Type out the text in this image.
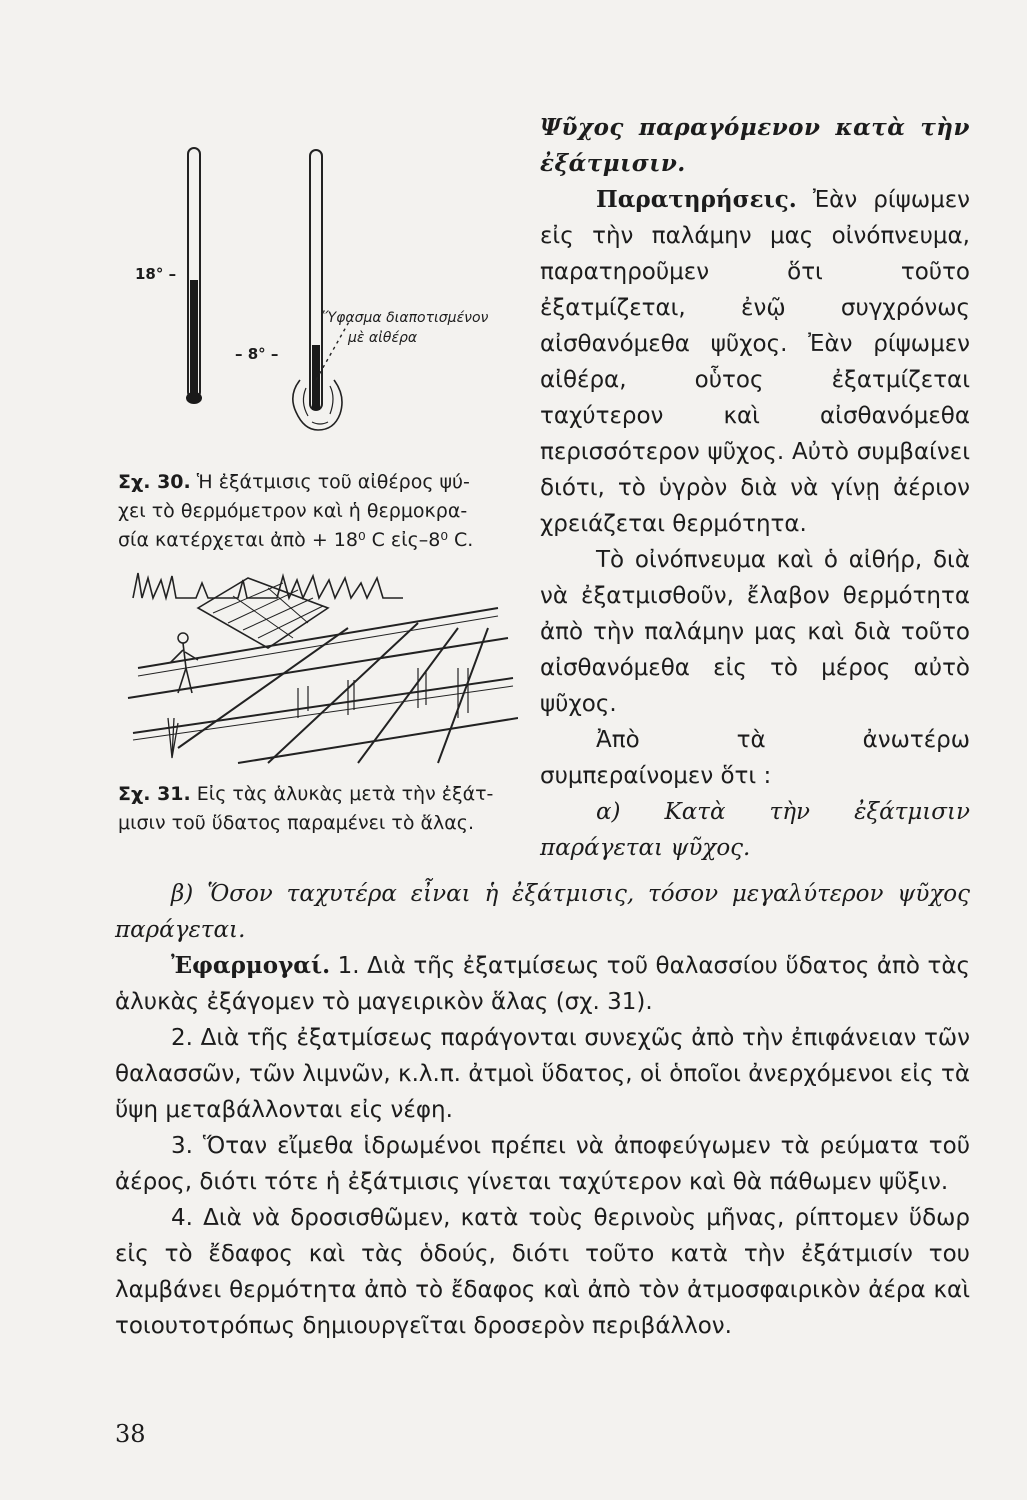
18° –
– 8° –
Ὕφασμα διαποτισμένον
μὲ αἰθέρα
Σχ. 30. Ἡ ἐξάτμισις τοῦ αἰθέρος ψύ-
χει τὸ θερμόμετρον καὶ ἡ θερμοκρα-
σία κατέρχεται ἀπὸ + 18⁰ C εἰς–8⁰ C.
Σχ. 31. Εἰς τὰς ἁλυκὰς μετὰ τὴν ἐξάτ-
μισιν τοῦ ὕδατος παραμένει τὸ ἅλας.

Ψῦχος παραγόμενον κατὰ τὴν ἐξάτμισιν.

Παρατηρήσεις. Ἐὰν ρίψωμεν εἰς τὴν παλάμην μας οἰνόπνευμα, παρατηροῦμεν ὅτι τοῦτο ἐξατμίζεται, ἐνῷ συγχρόνως αἰσθανόμεθα ψῦχος. Ἐὰν ρίψωμεν αἰθέρα, οὗτος ἐξατμίζεται ταχύτερον καὶ αἰσθανόμεθα περισσότερον ψῦχος. Αὐτὸ συμβαίνει διότι, τὸ ὑγρὸν διὰ νὰ γίνῃ ἀέριον χρειάζεται θερμότητα.

Τὸ οἰνόπνευμα καὶ ὁ αἰθήρ, διὰ νὰ ἐξατμισθοῦν, ἔλαβον θερμότητα ἀπὸ τὴν παλάμην μας καὶ διὰ τοῦτο αἰσθανόμεθα εἰς τὸ μέρος αὐτὸ ψῦχος.

Ἀπὸ τὰ ἀνωτέρω συμπεραίνομεν ὅτι :

α) Κατὰ τὴν ἐξάτμισιν παράγεται ψῦχος.

β) Ὅσον ταχυτέρα εἶναι ἡ ἐξάτμισις, τόσον μεγαλύτερον ψῦχος παράγεται.

Ἐφαρμογαί. 1. Διὰ τῆς ἐξατμίσεως τοῦ θαλασσίου ὕδατος ἀπὸ τὰς ἁλυκὰς ἐξάγομεν τὸ μαγειρικὸν ἅλας (σχ. 31).

2. Διὰ τῆς ἐξατμίσεως παράγονται συνεχῶς ἀπὸ τὴν ἐπιφάνειαν τῶν θαλασσῶν, τῶν λιμνῶν, κ.λ.π. ἀτμοὶ ὕδατος, οἱ ὁποῖοι ἀνερχόμενοι εἰς τὰ ὕψη μεταβάλλονται εἰς νέφη.

3. Ὅταν εἴμεθα ἱδρωμένοι πρέπει νὰ ἀποφεύγωμεν τὰ ρεύματα τοῦ ἀέρος, διότι τότε ἡ ἐξάτμισις γίνεται ταχύτερον καὶ θὰ πάθωμεν ψῦξιν.

4. Διὰ νὰ δροσισθῶμεν, κατὰ τοὺς θερινοὺς μῆνας, ρίπτομεν ὕδωρ εἰς τὸ ἔδαφος καὶ τὰς ὁδούς, διότι τοῦτο κατὰ τὴν ἐξάτμισίν του λαμβάνει θερμότητα ἀπὸ τὸ ἔδαφος καὶ ἀπὸ τὸν ἀτμοσφαιρικὸν ἀέρα καὶ τοιουτοτρόπως δημιουργεῖται δροσερὸν περιβάλλον.

38
